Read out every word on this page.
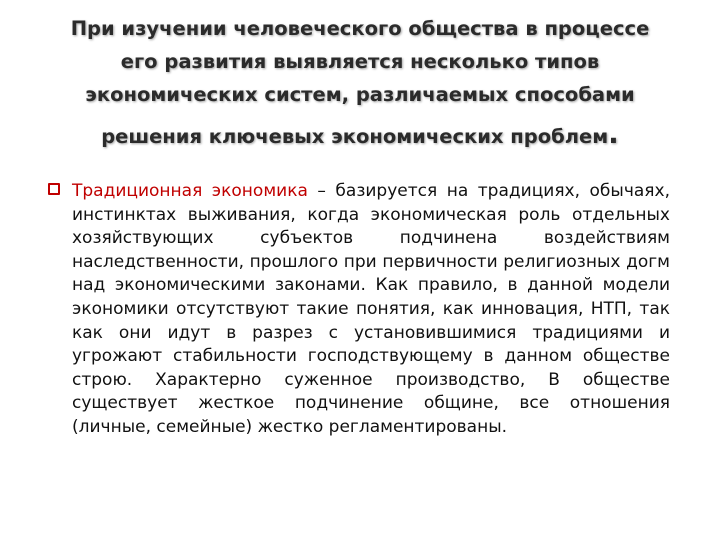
При изучении человеческого общества в процессе
его развития выявляется несколько типов
экономических систем, различаемых способами
решения ключевых экономических проблем.

Традиционная экономика – базируется на традициях, обычаях, инстинктах выживания, когда экономическая роль отдельных хозяйствующих субъектов подчинена воздействиям наследственности, прошлого при первичности религиозных догм над экономическими законами. Как правило, в данной модели экономики отсутствуют такие понятия, как инновация, НТП, так как они идут в разрез с установившимися традициями и угрожают стабильности господствующему в данном обществе строю. Характерно суженное производство, В обществе существует жесткое подчинение общине, все отношения (личные, семейные) жестко регламентированы.
